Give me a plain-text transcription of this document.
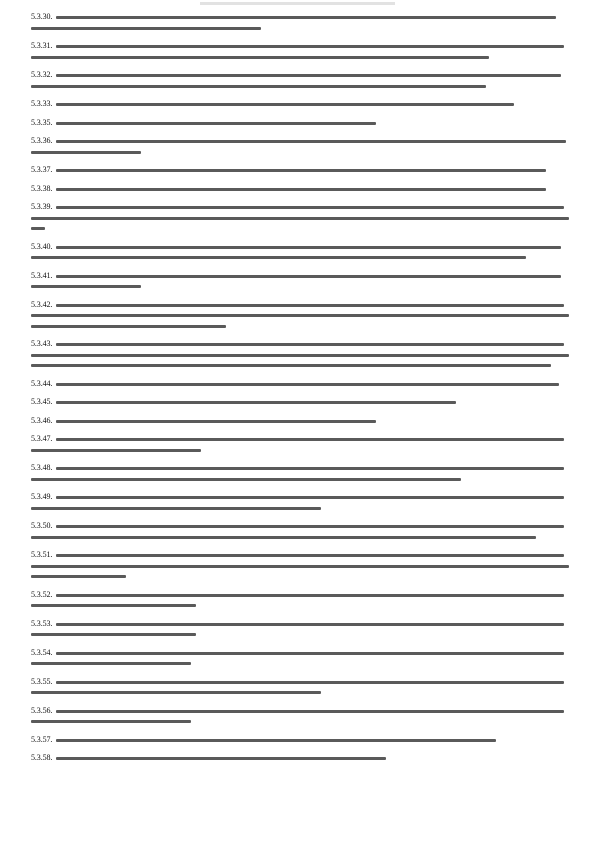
5.3.30.
5.3.31.
5.3.32.
5.3.33.
5.3.35.
5.3.36.
5.3.37.
5.3.38.
5.3.39.
5.3.40.
5.3.41.
5.3.42.
5.3.43.
5.3.44.
5.3.45.
5.3.46.
5.3.47.
5.3.48.
5.3.49.
5.3.50.
5.3.51.
5.3.52.
5.3.53.
5.3.54.
5.3.55.
5.3.56.
5.3.57.
5.3.58.
